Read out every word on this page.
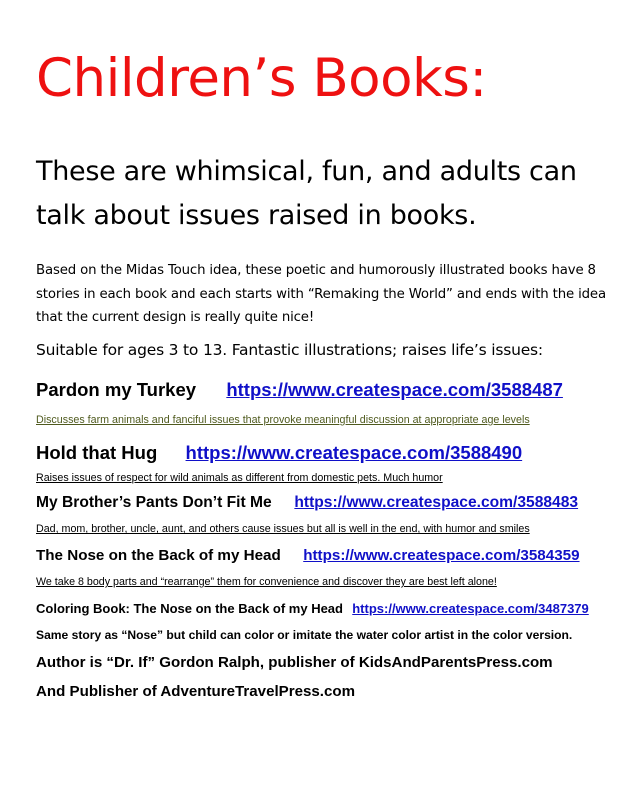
Children’s Books:
These are whimsical, fun, and adults can talk about issues raised in books.
Based on the Midas Touch idea, these poetic and humorously illustrated books have 8 stories in each book and each starts with “Remaking the World” and ends with the idea that the current design is really quite nice!
Suitable for ages 3 to 13. Fantastic illustrations; raises life’s issues:
Pardon my Turkey https://www.createspace.com/3588487
Discusses farm animals and fanciful issues that provoke meaningful discussion at appropriate age levels
Hold that Hug https://www.createspace.com/3588490
Raises issues of respect for wild animals as different from domestic pets. Much humor
My Brother’s Pants Don’t Fit Me https://www.createspace.com/3588483
Dad, mom, brother, uncle, aunt, and others cause issues but all is well in the end, with humor and smiles
The Nose on the Back of my Head https://www.createspace.com/3584359
We take 8 body parts and “rearrange” them for convenience and discover they are best left alone!
Coloring Book: The Nose on the Back of my Head https://www.createspace.com/3487379
Same story as “Nose” but child can color or imitate the water color artist in the color version.
Author is “Dr. If” Gordon Ralph, publisher of KidsAndParentsPress.com
And Publisher of AdventureTravelPress.com
